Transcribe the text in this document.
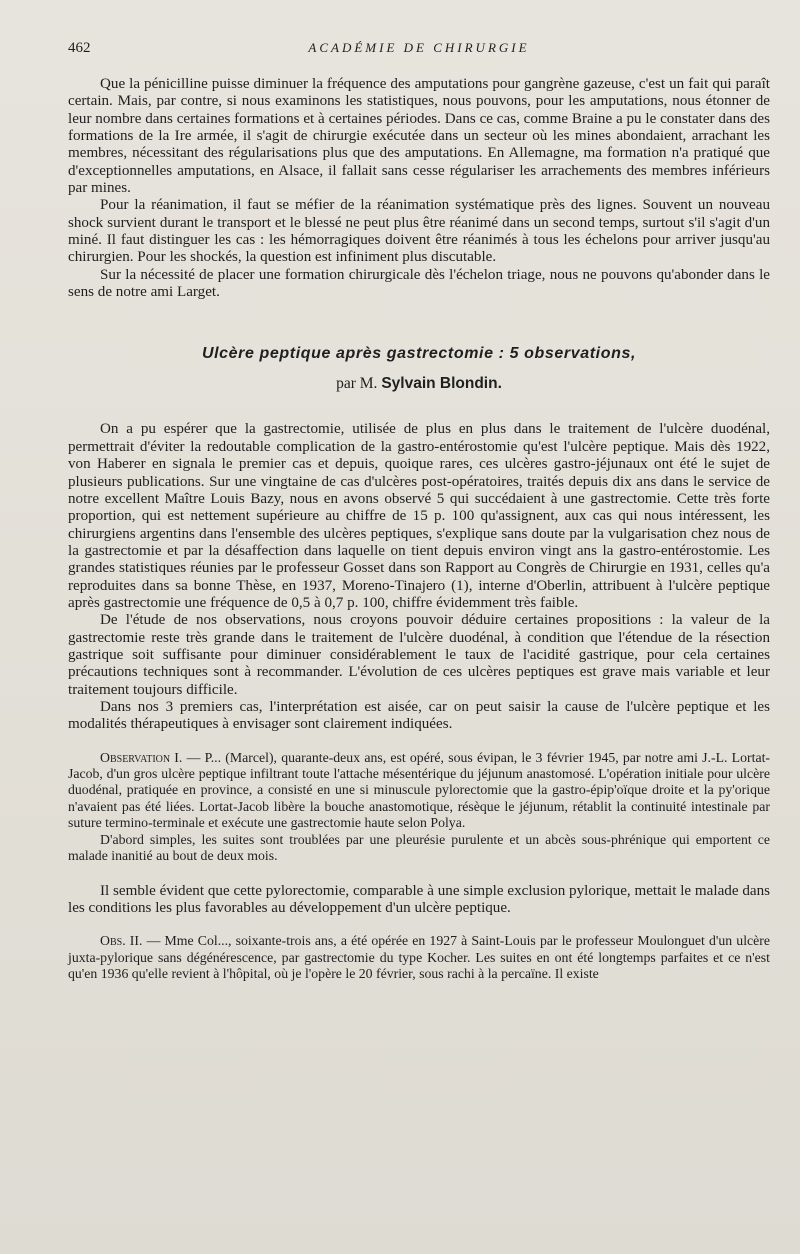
462	ACADÉMIE DE CHIRURGIE

Que la pénicilline puisse diminuer la fréquence des amputations pour gangrène gazeuse, c'est un fait qui paraît certain. Mais, par contre, si nous examinons les statistiques, nous pouvons, pour les amputations, nous étonner de leur nombre dans certaines formations et à certaines périodes. Dans ce cas, comme Braine a pu le constater dans des formations de la Ire armée, il s'agit de chirurgie exécutée dans un secteur où les mines abondaient, arrachant les membres, nécessitant des régularisations plus que des amputations. En Allemagne, ma formation n'a pratiqué que d'exceptionnelles amputations, en Alsace, il fallait sans cesse régulariser les arrachements des membres inférieurs par mines.

Pour la réanimation, il faut se méfier de la réanimation systématique près des lignes. Souvent un nouveau shock survient durant le transport et le blessé ne peut plus être réanimé dans un second temps, surtout s'il s'agit d'un miné. Il faut distinguer les cas : les hémorragiques doivent être réanimés à tous les échelons pour arriver jusqu'au chirurgien. Pour les shockés, la question est infiniment plus discutable.

Sur la nécessité de placer une formation chirurgicale dès l'échelon triage, nous ne pouvons qu'abonder dans le sens de notre ami Larget.

Ulcère peptique après gastrectomie : 5 observations,
par M. Sylvain Blondin.

On a pu espérer que la gastrectomie, utilisée de plus en plus dans le traitement de l'ulcère duodénal, permettrait d'éviter la redoutable complication de la gastro-entérostomie qu'est l'ulcère peptique. Mais dès 1922, von Haberer en signala le premier cas et depuis, quoique rares, ces ulcères gastro-jéjunaux ont été le sujet de plusieurs publications. Sur une vingtaine de cas d'ulcères post-opératoires, traités depuis dix ans dans le service de notre excellent Maître Louis Bazy, nous en avons observé 5 qui succédaient à une gastrectomie. Cette très forte proportion, qui est nettement supérieure au chiffre de 15 p. 100 qu'assignent, aux cas qui nous intéressent, les chirurgiens argentins dans l'ensemble des ulcères peptiques, s'explique sans doute par la vulgarisation chez nous de la gastrectomie et par la désaffection dans laquelle on tient depuis environ vingt ans la gastro-entérostomie. Les grandes statistiques réunies par le professeur Gosset dans son Rapport au Congrès de Chirurgie en 1931, celles qu'a reproduites dans sa bonne Thèse, en 1937, Moreno-Tinajero (1), interne d'Oberlin, attribuent à l'ulcère peptique après gastrectomie une fréquence de 0,5 à 0,7 p. 100, chiffre évidemment très faible.

De l'étude de nos observations, nous croyons pouvoir déduire certaines propositions : la valeur de la gastrectomie reste très grande dans le traitement de l'ulcère duodénal, à condition que l'étendue de la résection gastrique soit suffisante pour diminuer considérablement le taux de l'acidité gastrique, pour cela certaines précautions techniques sont à recommander. L'évolution de ces ulcères peptiques est grave mais variable et leur traitement toujours difficile.

Dans nos 3 premiers cas, l'interprétation est aisée, car on peut saisir la cause de l'ulcère peptique et les modalités thérapeutiques à envisager sont clairement indiquées.

Observation I. — P... (Marcel), quarante-deux ans, est opéré, sous évipan, le 3 février 1945, par notre ami J.-L. Lortat-Jacob, d'un gros ulcère peptique infiltrant toute l'attache mésentérique du jéjunum anastomosé. L'opération initiale pour ulcère duodénal, pratiquée en province, a consisté en une si minuscule pylorectomie que la gastro-épip'oïque droite et la py'orique n'avaient pas été liées. Lortat-Jacob libère la bouche anastomotique, résèque le jéjunum, rétablit la continuité intestinale par suture termino-terminale et exécute une gastrectomie haute selon Polya.

D'abord simples, les suites sont troublées par une pleurésie purulente et un abcès sous-phrénique qui emportent ce malade inanitié au bout de deux mois.

Il semble évident que cette pylorectomie, comparable à une simple exclusion pylorique, mettait le malade dans les conditions les plus favorables au développement d'un ulcère peptique.

Obs. II. — Mme Col..., soixante-trois ans, a été opérée en 1927 à Saint-Louis par le professeur Moulonguet d'un ulcère juxta-pylorique sans dégénérescence, par gastrectomie du type Kocher. Les suites en ont été longtemps parfaites et ce n'est qu'en 1936 qu'elle revient à l'hôpital, où je l'opère le 20 février, sous rachi à la percaïne. Il existe
